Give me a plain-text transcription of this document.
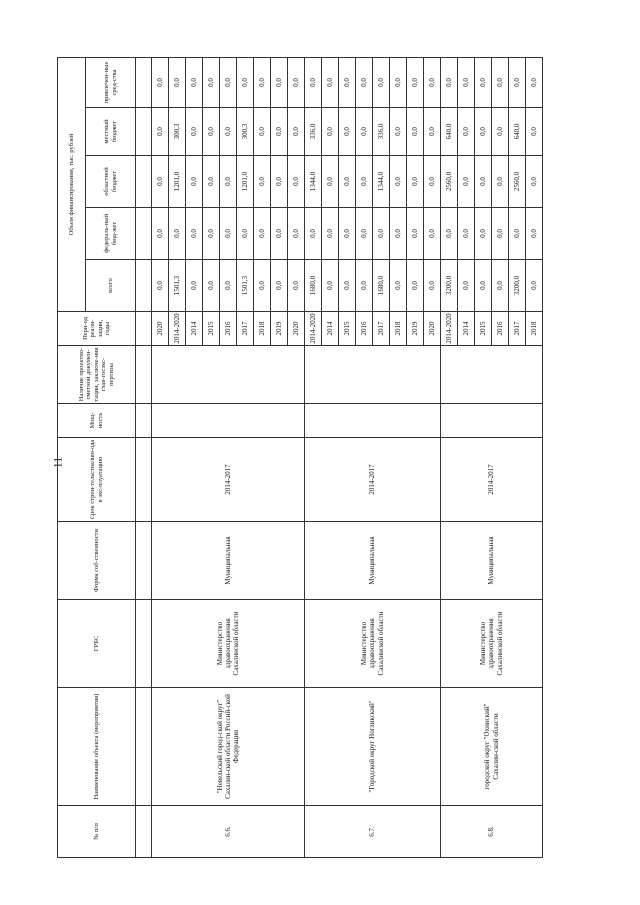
11
№ п/п	Наименование объекта (мероприятия)	ГРБС	Форма соб-ственности	Срок строи-тельства/вво-ода в экс-плуатацию	Мощ-ность	Наличие проектно-сметной докумен-тации, заключе-ния глав-госэкс-пертизы	Пери-од реали-зации, годы	Объем финансирования, тыс. рублей	
								всего	федераль-ный бюд-жет	областной бюджет	местный бюджет	привлечен-ные сред-ства	

6.6.	"Невельский город-ской округ" Сахалин-ской области Россий-ской Федерации	Министерство здравоохранения Сахалинской области	Муниципальная	2014-2017			2020	0,0	0,0	0,0	0,0	0,0	
							2014-2020	1501,3	0,0	1201,0	300,3	0,0	
							2014	0,0	0,0	0,0	0,0	0,0	
							2015	0,0	0,0	0,0	0,0	0,0	
							2016	0,0	0,0	0,0	0,0	0,0	
							2017	1501,3	0,0	1201,0	300,3	0,0	
							2018	0,0	0,0	0,0	0,0	0,0	
							2019	0,0	0,0	0,0	0,0	0,0	
							2020	0,0	0,0	0,0	0,0	0,0	
6.7.	"Городской округ Ногликский"	Министерство здравоохранения Сахалинской области	Муниципальная	2014-2017			2014-2020	1680,0	0,0	1344,0	336,0	0,0	
							2014	0,0	0,0	0,0	0,0	0,0	
							2015	0,0	0,0	0,0	0,0	0,0	
							2016	0,0	0,0	0,0	0,0	0,0	
							2017	1680,0	0,0	1344,0	336,0	0,0	
							2018	0,0	0,0	0,0	0,0	0,0	
							2019	0,0	0,0	0,0	0,0	0,0	
							2020	0,0	0,0	0,0	0,0	0,0	
6.8.	городской округ "Охинский" Сахалин-ской области	Министерство здравоохранения Сахалинской области	Муниципальная	2014-2017			2014-2020	3200,0	0,0	2560,0	640,0	0,0	
							2014	0,0	0,0	0,0	0,0	0,0	
							2015	0,0	0,0	0,0	0,0	0,0	
							2016	0,0	0,0	0,0	0,0	0,0	
							2017	3200,0	0,0	2560,0	640,0	0,0	
							2018	0,0	0,0	0,0	0,0	0,0	
